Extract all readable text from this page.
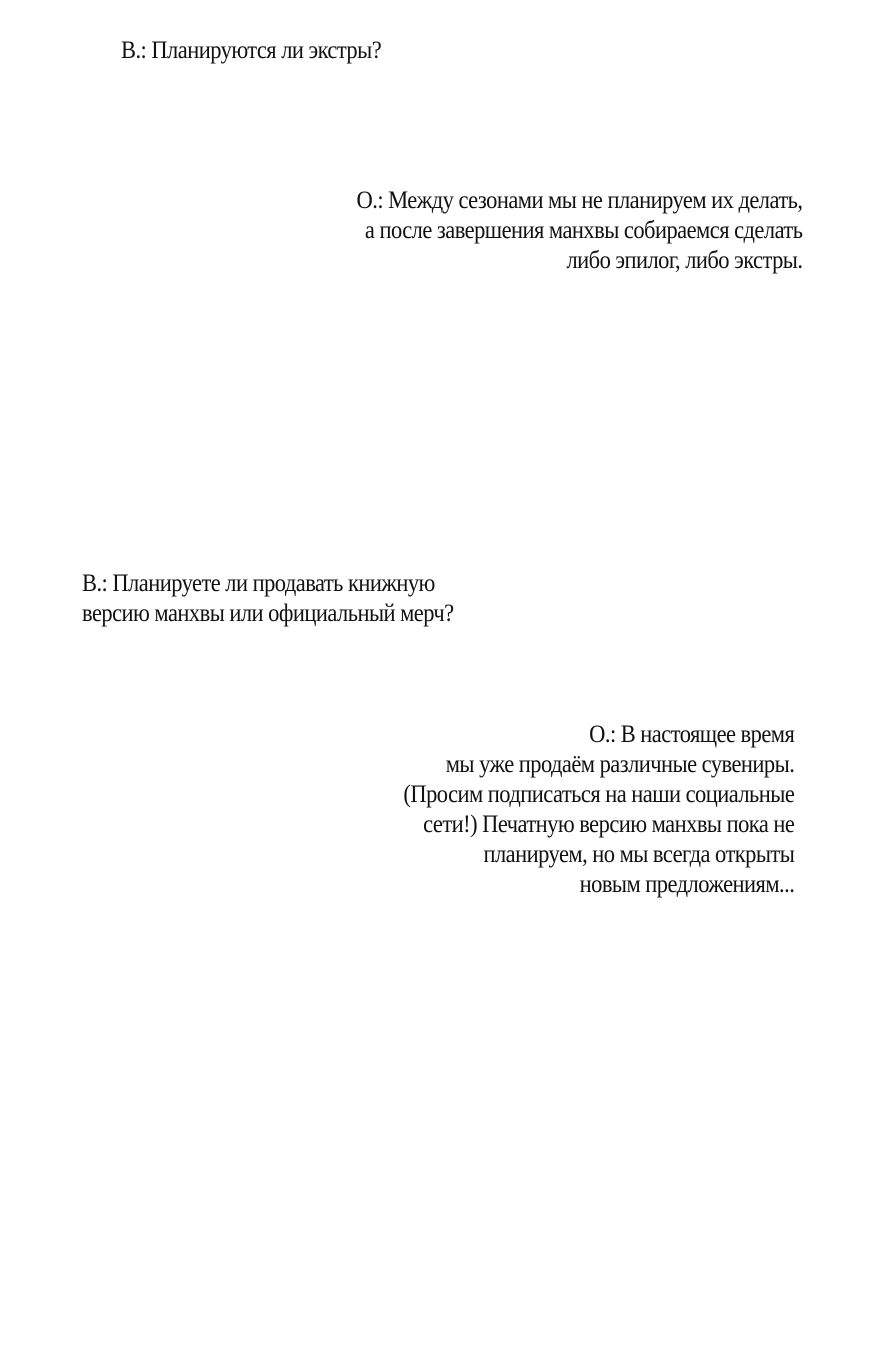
В.: Планируются ли экстры?
О.: Между сезонами мы не планируем их делать,
а после завершения манхвы собираемся сделать
либо эпилог, либо экстры.
В.: Планируете ли продавать книжную
версию манхвы или официальный мерч?
О.: В настоящее время
мы уже продаём различные сувениры.
(Просим подписаться на наши социальные
сети!) Печатную версию манхвы пока не
планируем, но мы всегда открыты
новым предложениям...
